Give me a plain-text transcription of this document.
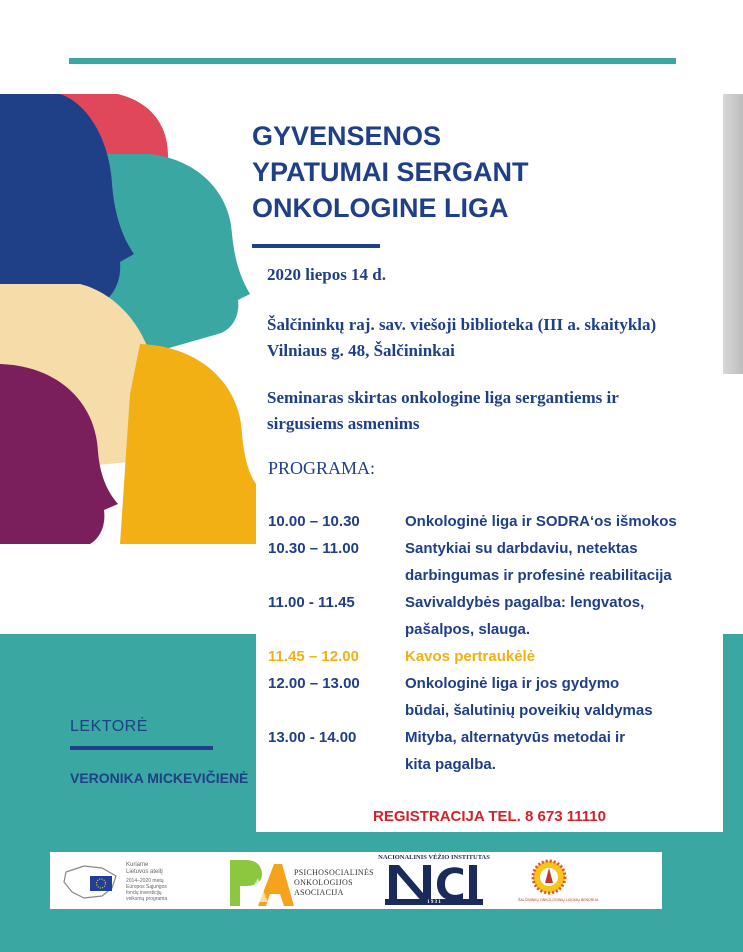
GYVENSENOS
YPATUMAI SERGANT
ONKOLOGINE LIGA
2020 liepos 14 d.
Šalčininkų raj. sav. viešoji biblioteka (III a. skaitykla)
Vilniaus g. 48, Šalčininkai
Seminaras skirtas onkologine liga sergantiems ir
sirgusiems asmenims
PROGRAMA:
10.00 – 10.30	Onkologinė liga ir SODRA‘os išmokos
10.30 – 11.00	Santykiai su darbdaviu, netektas
darbingumas ir profesinė reabilitacija
11.00 - 11.45	Savivaldybės pagalba: lengvatos,
pašalpos, slauga.
11.45 – 12.00	Kavos pertraukėlė
12.00 – 13.00	Onkologinė liga ir jos gydymo
būdai, šalutinių poveikių valdymas
13.00 - 14.00	Mityba, alternatyvūs metodai ir
kita pagalba.
LEKTORĖ
VERONIKA MICKEVIČIENĖ
REGISTRACIJA TEL. 8 673 11110
Kuriame
Lietuvos ateitį
2014–2020 metų
Europos Sąjungos
fondų investicijų
veiksmų programa
PSICHOSOCIALINĖS
ONKOLOGIJOS
ASOCIACIJA
NACIONALINIS VĖŽIO INSTITUTAS
1 9 3 1	ŠALČININKŲ ONKOLOGINIŲ LIGONIŲ BENDRIJA
